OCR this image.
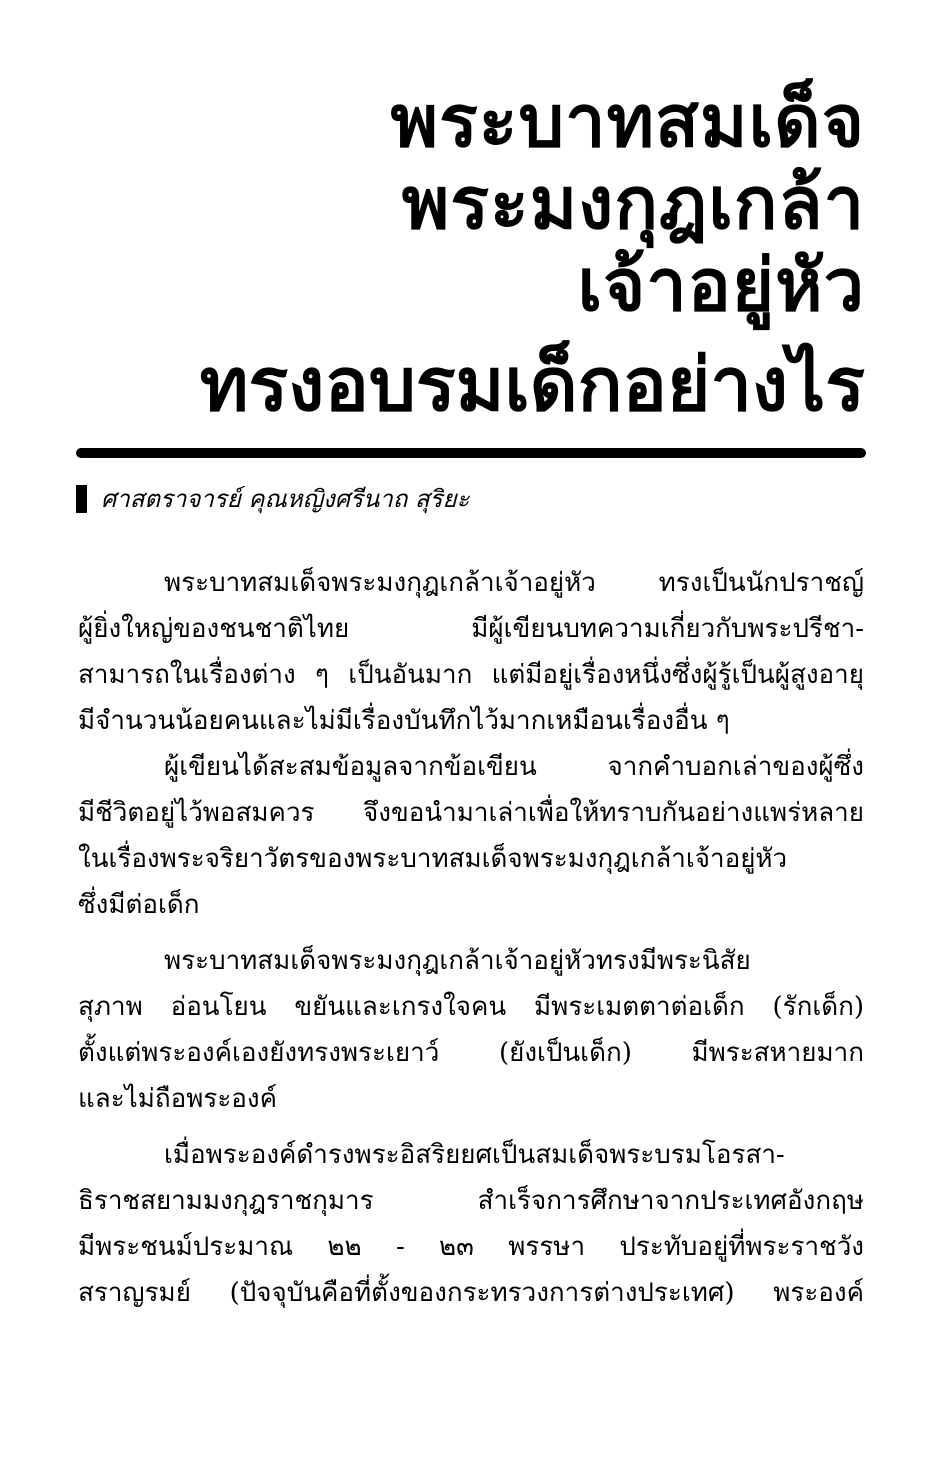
พระบาทสมเด็จ
พระมงกุฎเกล้า
เจ้าอยู่หัว
ทรงอบรมเด็กอย่างไร
ศาสตราจารย์ คุณหญิงศรีนาถ สุริยะ
พระบาทสมเด็จพระมงกุฎเกล้าเจ้าอยู่หัว ทรงเป็นนักปราชญ์
ผู้ยิ่งใหญ่ของชนชาติไทย มีผู้เขียนบทความเกี่ยวกับพระปรีชา-
สามารถในเรื่องต่าง ๆ เป็นอันมาก แต่มีอยู่เรื่องหนึ่งซึ่งผู้รู้เป็นผู้สูงอายุ
มีจำนวนน้อยคนและไม่มีเรื่องบันทึกไว้มากเหมือนเรื่องอื่น ๆ
ผู้เขียนได้สะสมข้อมูลจากข้อเขียน จากคำบอกเล่าของผู้ซึ่ง
มีชีวิตอยู่ไว้พอสมควร จึงขอนำมาเล่าเพื่อให้ทราบกันอย่างแพร่หลาย
ในเรื่องพระจริยาวัตรของพระบาทสมเด็จพระมงกุฎเกล้าเจ้าอยู่หัว
ซึ่งมีต่อเด็ก
พระบาทสมเด็จพระมงกุฎเกล้าเจ้าอยู่หัวทรงมีพระนิสัย
สุภาพ อ่อนโยน ขยันและเกรงใจคน มีพระเมตตาต่อเด็ก (รักเด็ก)
ตั้งแต่พระองค์เองยังทรงพระเยาว์ (ยังเป็นเด็ก) มีพระสหายมาก
และไม่ถือพระองค์
เมื่อพระองค์ดำรงพระอิสริยยศเป็นสมเด็จพระบรมโอรสา-
ธิราชสยามมงกุฎราชกุมาร สำเร็จการศึกษาจากประเทศอังกฤษ
มีพระชนม์ประมาณ ๒๒ - ๒๓ พรรษา ประทับอยู่ที่พระราชวัง
สราญรมย์ (ปัจจุบันคือที่ตั้งของกระทรวงการต่างประเทศ) พระองค์
